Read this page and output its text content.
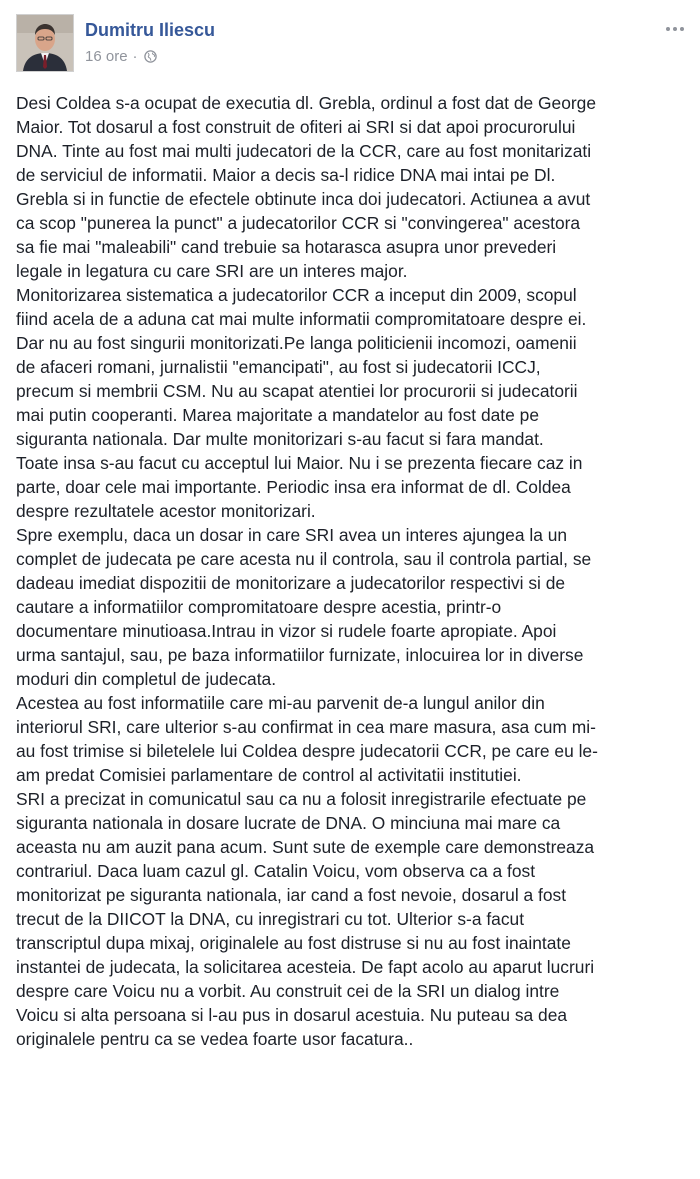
Dumitru Iliescu
16 ore ·
Desi Coldea s-a ocupat de executia dl. Grebla, ordinul a fost dat de George
Maior. Tot dosarul a fost construit de ofiteri ai SRI si dat apoi procurorului
DNA. Tinte au fost mai multi judecatori de la CCR, care au fost monitarizati
de serviciul de informatii. Maior a decis sa-l ridice DNA mai intai pe Dl.
Grebla si in functie de efectele obtinute inca doi judecatori. Actiunea a avut
ca scop "punerea la punct" a judecatorilor CCR si "convingerea" acestora
sa fie mai "maleabili" cand trebuie sa hotarasca asupra unor prevederi
legale in legatura cu care SRI are un interes major.
Monitorizarea sistematica a judecatorilor CCR a inceput din 2009, scopul
fiind acela de a aduna cat mai multe informatii compromitatoare despre ei.
Dar nu au fost singurii monitorizati.Pe langa politicienii incomozi, oamenii
de afaceri romani, jurnalistii "emancipati", au fost si judecatorii ICCJ,
precum si membrii CSM. Nu au scapat atentiei lor procurorii si judecatorii
mai putin cooperanti. Marea majoritate a mandatelor au fost date pe
siguranta nationala. Dar multe monitorizari s-au facut si fara mandat.
Toate insa s-au facut cu acceptul lui Maior. Nu i se prezenta fiecare caz in
parte, doar cele mai importante. Periodic insa era informat de dl. Coldea
despre rezultatele acestor monitorizari.
Spre exemplu, daca un dosar in care SRI avea un interes ajungea la un
complet de judecata pe care acesta nu il controla, sau il controla partial, se
dadeau imediat dispozitii de monitorizare a judecatorilor respectivi si de
cautare a informatiilor compromitatoare despre acestia, printr-o
documentare minutioasa.Intrau in vizor si rudele foarte apropiate. Apoi
urma santajul, sau, pe baza informatiilor furnizate, inlocuirea lor in diverse
moduri din completul de judecata.
Acestea au fost informatiile care mi-au parvenit de-a lungul anilor din
interiorul SRI, care ulterior s-au confirmat in cea mare masura, asa cum mi-
au fost trimise si biletelele lui Coldea despre judecatorii CCR, pe care eu le-
am predat Comisiei parlamentare de control al activitatii institutiei.
SRI a precizat in comunicatul sau ca nu a folosit inregistrarile efectuate pe
siguranta nationala in dosare lucrate de DNA. O minciuna mai mare ca
aceasta nu am auzit pana acum. Sunt sute de exemple care demonstreaza
contrariul. Daca luam cazul gl. Catalin Voicu, vom observa ca a fost
monitorizat pe siguranta nationala, iar cand a fost nevoie, dosarul a fost
trecut de la DIICOT la DNA, cu inregistrari cu tot. Ulterior s-a facut
transcriptul dupa mixaj, originalele au fost distruse si nu au fost inaintate
instantei de judecata, la solicitarea acesteia. De fapt acolo au aparut lucruri
despre care Voicu nu a vorbit. Au construit cei de la SRI un dialog intre
Voicu si alta persoana si l-au pus in dosarul acestuia. Nu puteau sa dea
originalele pentru ca se vedea foarte usor facatura..
